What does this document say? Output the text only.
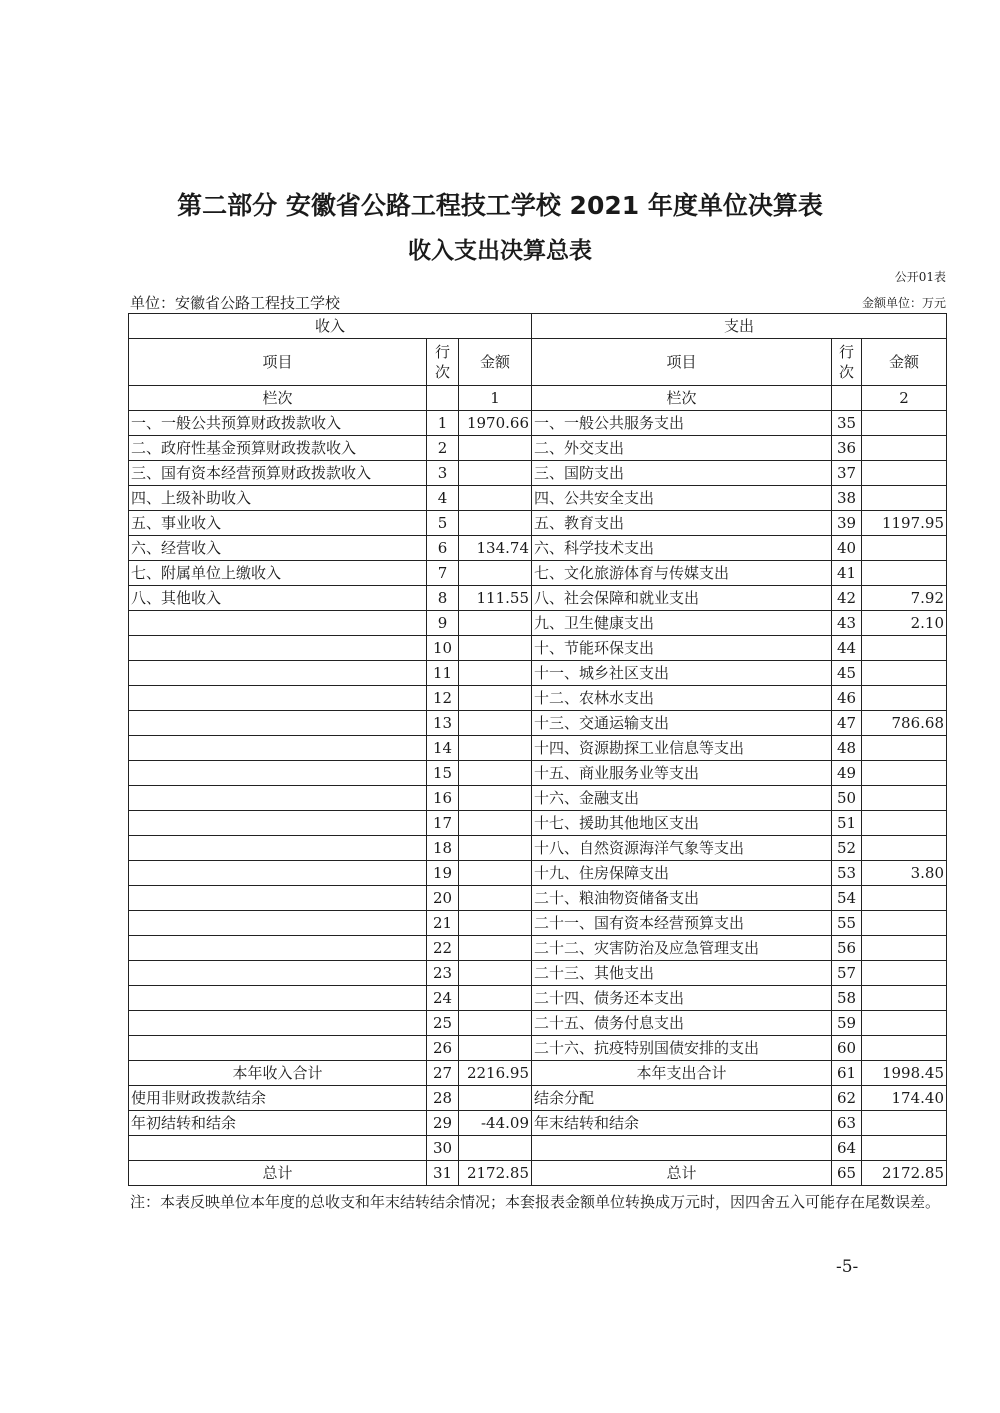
第二部分 安徽省公路工程技工学校 2021 年度单位决算表
收入支出决算总表
公开01表
单位：安徽省公路工程技工学校	金额单位：万元
收入			支出		
项目	行次	金额	项目	行次	金额
栏次		1	栏次		2
一、一般公共预算财政拨款收入	1	1970.66	一、一般公共服务支出	35	
二、政府性基金预算财政拨款收入	2		二、外交支出	36	
三、国有资本经营预算财政拨款收入	3		三、国防支出	37	
四、上级补助收入	4		四、公共安全支出	38	
五、事业收入	5		五、教育支出	39	1197.95
六、经营收入	6	134.74	六、科学技术支出	40	
七、附属单位上缴收入	7		七、文化旅游体育与传媒支出	41	
八、其他收入	8	111.55	八、社会保障和就业支出	42	7.92
	9		九、卫生健康支出	43	2.10
	10		十、节能环保支出	44	
	11		十一、城乡社区支出	45	
	12		十二、农林水支出	46	
	13		十三、交通运输支出	47	786.68
	14		十四、资源勘探工业信息等支出	48	
	15		十五、商业服务业等支出	49	
	16		十六、金融支出	50	
	17		十七、援助其他地区支出	51	
	18		十八、自然资源海洋气象等支出	52	
	19		十九、住房保障支出	53	3.80
	20		二十、粮油物资储备支出	54	
	21		二十一、国有资本经营预算支出	55	
	22		二十二、灾害防治及应急管理支出	56	
	23		二十三、其他支出	57	
	24		二十四、债务还本支出	58	
	25		二十五、债务付息支出	59	
	26		二十六、抗疫特别国债安排的支出	60	
本年收入合计	27	2216.95	本年支出合计	61	1998.45
使用非财政拨款结余	28		结余分配	62	174.40
年初结转和结余	29	-44.09	年末结转和结余	63	
	30			64	
总计	31	2172.85	总计	65	2172.85
注：本表反映单位本年度的总收支和年末结转结余情况；本套报表金额单位转换成万元时，因四舍五入可能存在尾数误差。
-5-
